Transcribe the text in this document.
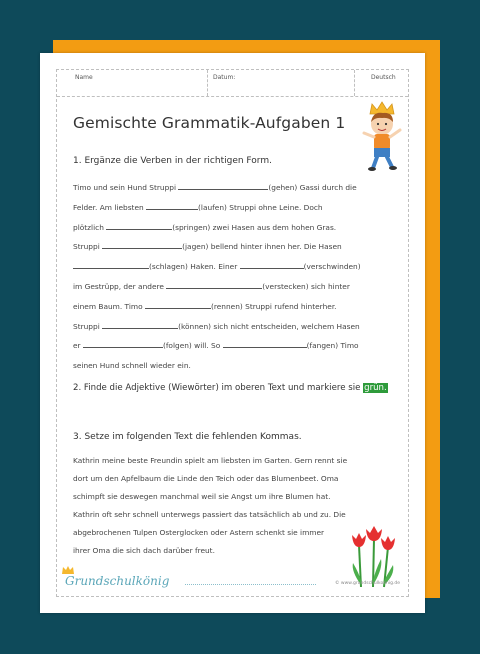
Name	Datum:	Deutsch
Gemischte Grammatik-Aufgaben 1
1. Ergänze die Verben in der richtigen Form.
Timo und sein Hund Struppi	(gehen) Gassi durch die
Felder. Am liebsten	(laufen) Struppi ohne Leine. Doch
plötzlich	(springen) zwei Hasen aus dem hohen Gras.
Struppi	(jagen) bellend hinter ihnen her. Die Hasen
(schlagen) Haken. Einer	(verschwinden)
im Gestrüpp, der andere	(verstecken) sich hinter
einem Baum. Timo	(rennen) Struppi rufend hinterher.
Struppi	(können) sich nicht entscheiden, welchem Hasen
er	(folgen) will. So	(fangen) Timo
seinen Hund schnell wieder ein.
2. Finde die Adjektive (Wiewörter) im oberen Text und markiere sie grün.
3. Setze im folgenden Text die fehlenden Kommas.
Kathrin meine beste Freundin spielt am liebsten im Garten. Gern rennt sie
dort um den Apfelbaum die Linde den Teich oder das Blumenbeet. Oma
schimpft sie deswegen manchmal weil sie Angst um ihre Blumen hat.
Kathrin oft sehr schnell unterwegs passiert das tatsächlich ab und zu. Die
abgebrochenen Tulpen Osterglocken oder Astern schenkt sie immer
ihrer Oma die sich dach darüber freut.
Grundschulkönig	© www.grundschulkoenig.de
